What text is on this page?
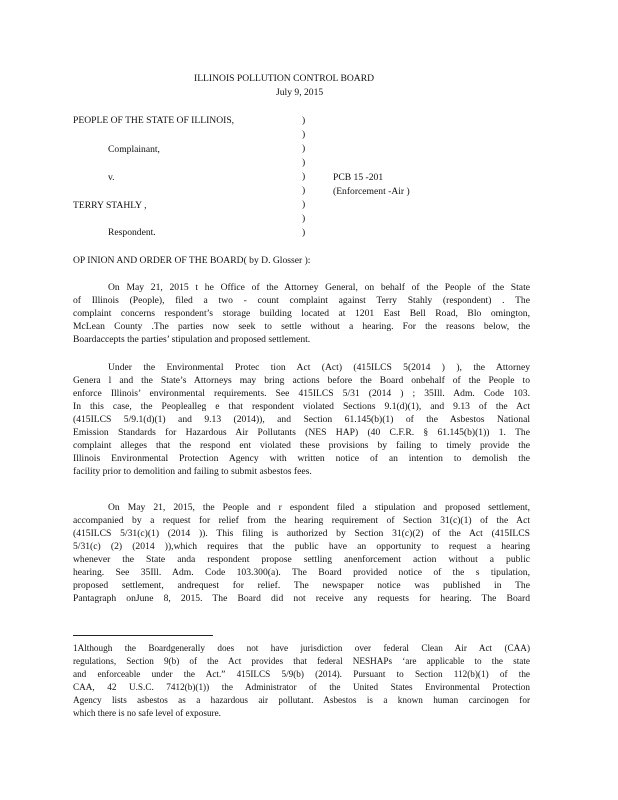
ILLINOIS POLLUTION CONTROL BOARD
July 9, 2015
PEOPLE OF THE STATE OF ILLINOIS,
Complainant,
v.
TERRY STAHLY ,
Respondent.
PCB 15 -201
(Enforcement -Air )
)
)
)
)
)
)
)
)
)
OP INION AND ORDER OF THE BOARD( by D. Glosser ):
On May 21, 2015 t he Office of the Attorney General, on behalf of the People of the State
of Illinois (People), filed a two - count complaint against Terry Stahly (respondent) . The
complaint concerns respondent’s storage building located at 1201 East Bell Road, Blo omington,
McLean County .The parties now seek to settle without a hearing. For the reasons below, the
Boardaccepts the parties’ stipulation and proposed settlement.
Under the Environmental Protec tion Act (Act) (415ILCS 5(2014 ) ), the Attorney
Genera l and the State’s Attorneys may bring actions before the Board onbehalf of the People to
enforce Illinois’ environmental requirements. See 415ILCS 5/31 (2014 ) ; 35Ill. Adm. Code 103.
In this case, the Peoplealleg e that respondent violated Sections 9.1(d)(1), and 9.13 of the Act
(415ILCS 5/9.1(d)(1) and 9.13 (2014)), and Section 61.145(b)(1) of the Asbestos National
Emission Standards for Hazardous Air Pollutants (NES HAP) (40 C.F.R. § 61.145(b)(1)) 1. The
complaint alleges that the respond ent violated these provisions by failing to timely provide the
Illinois Environmental Protection Agency with written notice of an intention to demolish the
facility prior to demolition and failing to submit asbestos fees.
On May 21, 2015, the People and r espondent filed a stipulation and proposed settlement,
accompanied by a request for relief from the hearing requirement of Section 31(c)(1) of the Act
(415ILCS 5/31(c)(1) (2014 )). This filing is authorized by Section 31(c)(2) of the Act (415ILCS
5/31(c) (2) (2014 )),which requires that the public have an opportunity to request a hearing
whenever the State anda respondent propose settling anenforcement action without a public
hearing. See 35Ill. Adm. Code 103.300(a). The Board provided notice of the s tipulation,
proposed settlement, andrequest for relief. The newspaper notice was published in The
Pantagraph onJune 8, 2015. The Board did not receive any requests for hearing. The Board
1Although the Boardgenerally does not have jurisdiction over federal Clean Air Act (CAA)
regulations, Section 9(b) of the Act provides that federal NESHAPs ‘are applicable to the state
and enforceable under the Act.” 415ILCS 5/9(b) (2014). Pursuant to Section 112(b)(1) of the
CAA, 42 U.S.C. 7412(b)(1)) the Administrator of the United States Environmental Protection
Agency lists asbestos as a hazardous air pollutant. Asbestos is a known human carcinogen for
which there is no safe level of exposure.
